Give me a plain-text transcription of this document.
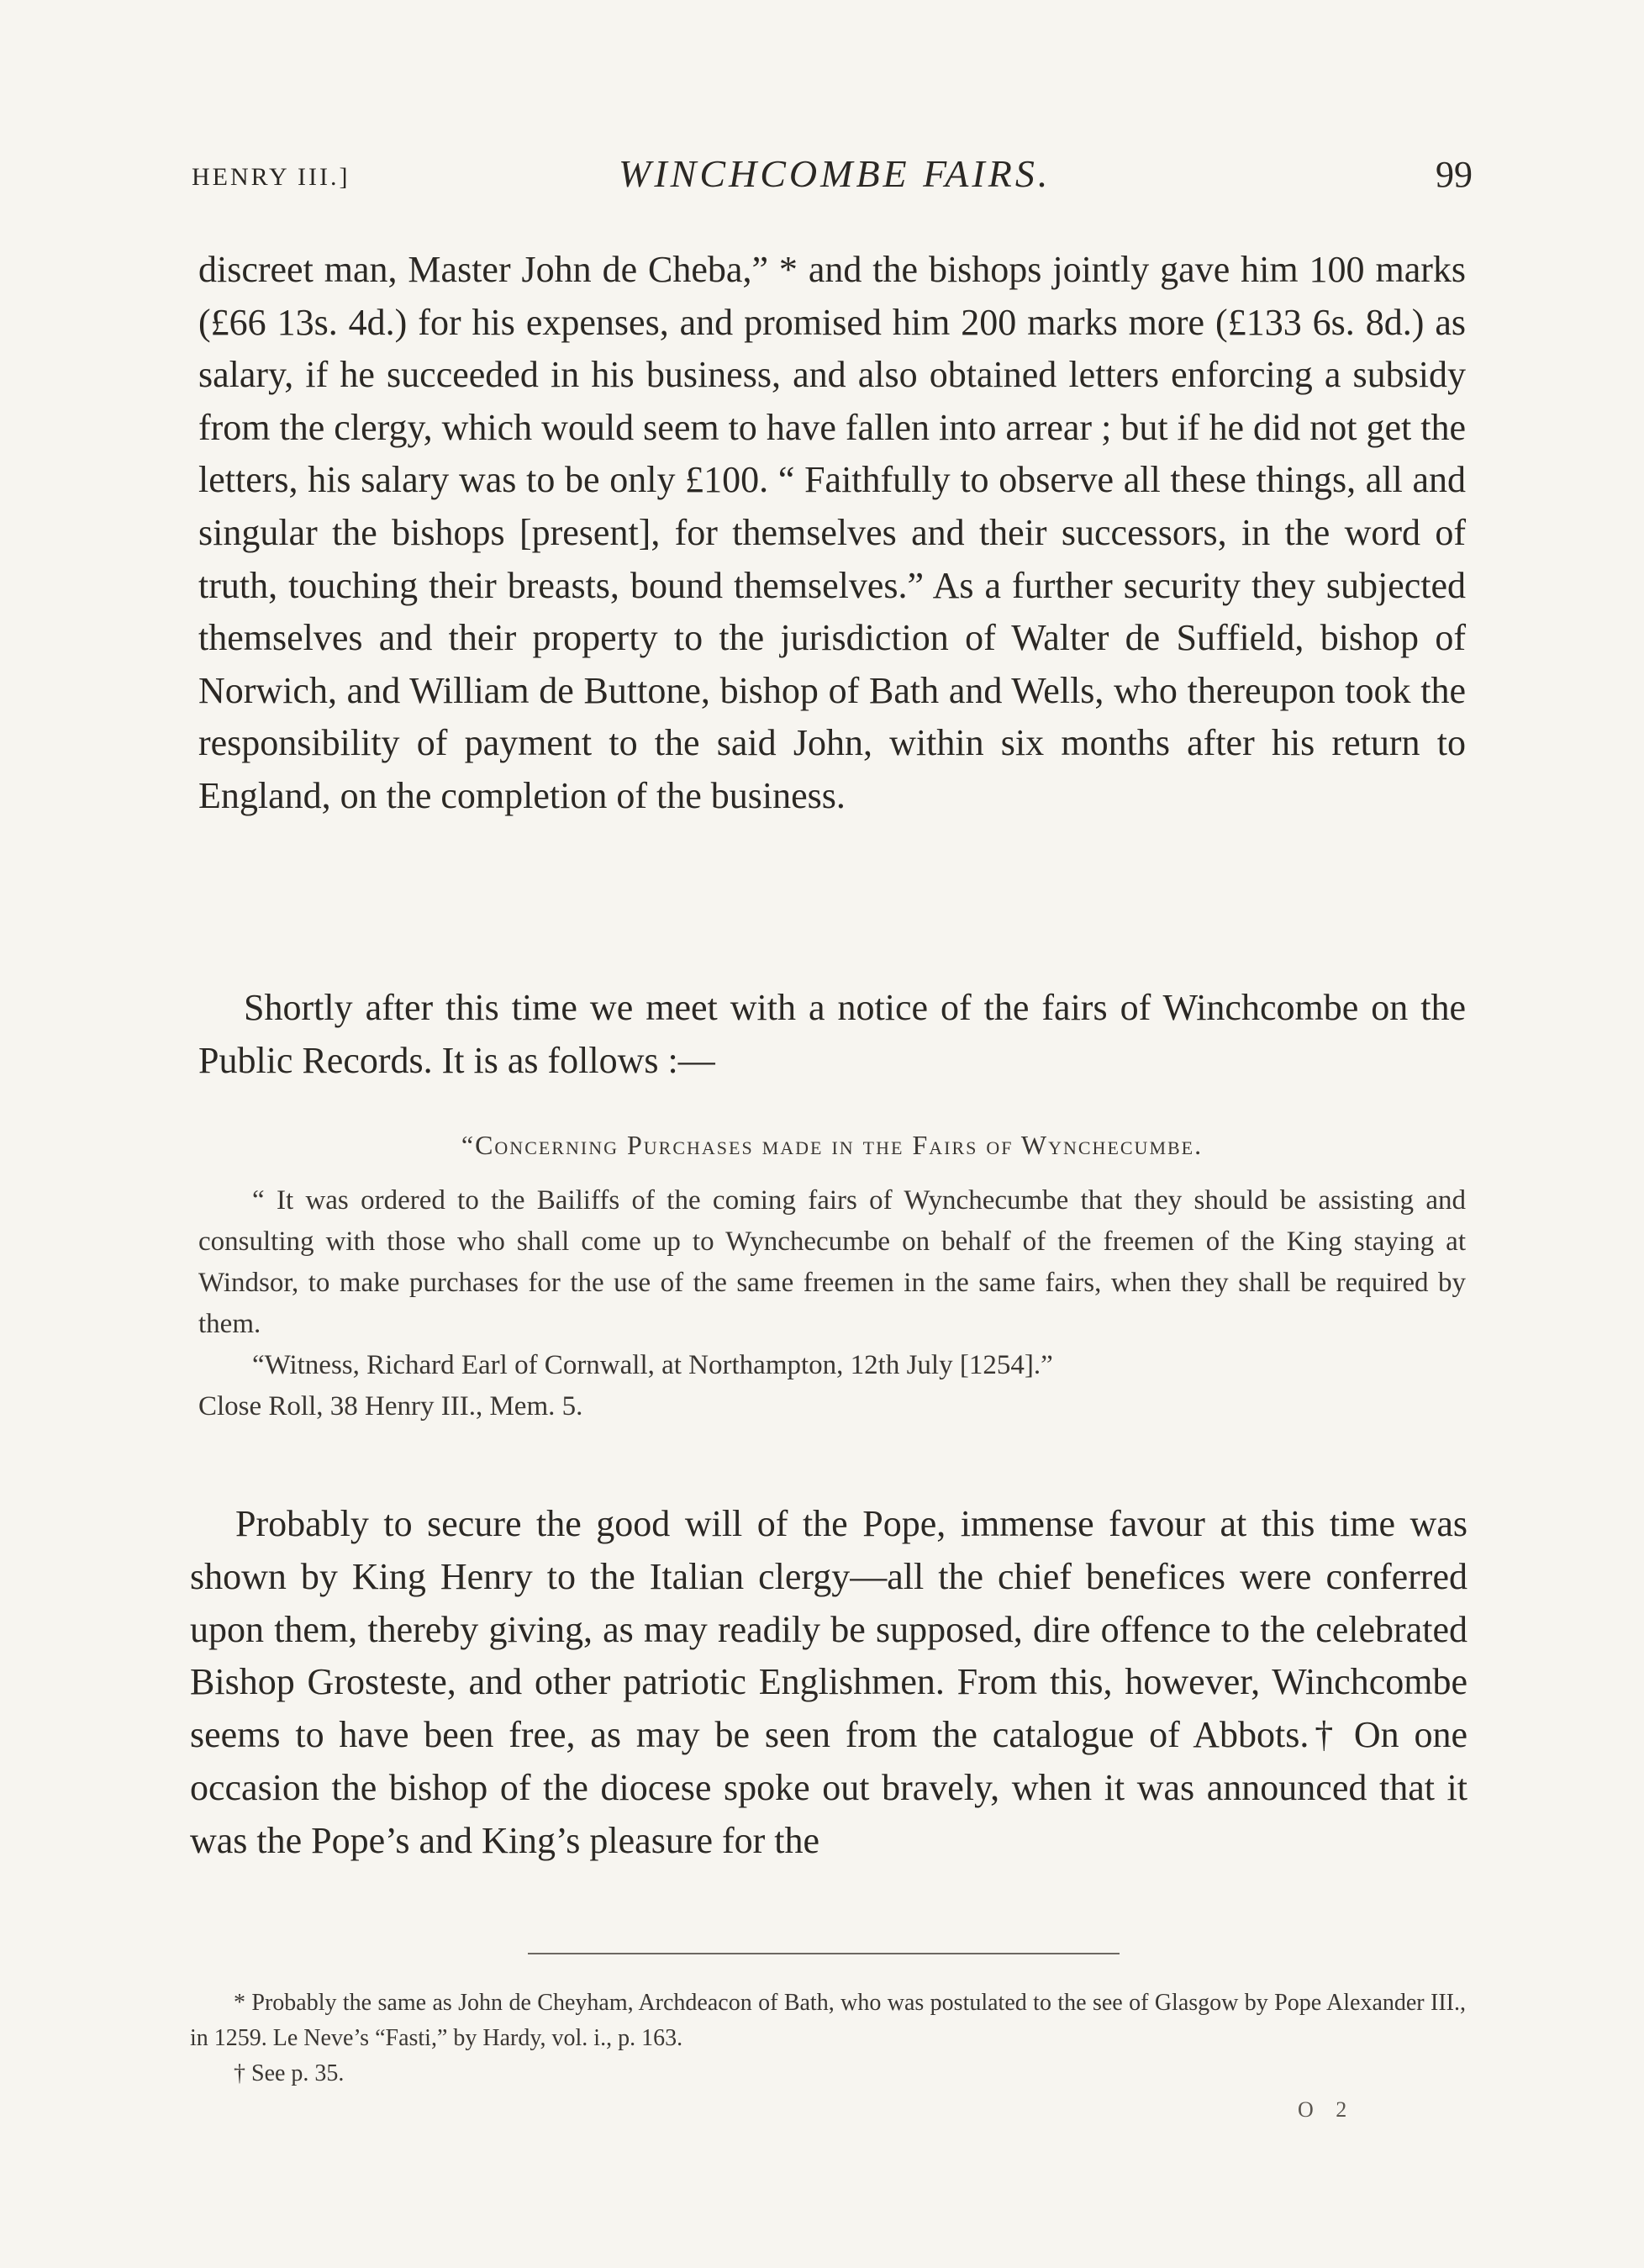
HENRY III.]	WINCHCOMBE FAIRS.	99

discreet man, Master John de Cheba,” * and the bishops jointly gave him 100 marks (£66 13s. 4d.) for his expenses, and promised him 200 marks more (£133 6s. 8d.) as salary, if he succeeded in his business, and also obtained letters enforcing a subsidy from the clergy, which would seem to have fallen into arrear ; but if he did not get the letters, his salary was to be only £100. “ Faithfully to observe all these things, all and singular the bishops [present], for themselves and their successors, in the word of truth, touching their breasts, bound themselves.” As a further security they subjected themselves and their property to the jurisdiction of Walter de Suffield, bishop of Norwich, and William de Buttone, bishop of Bath and Wells, who thereupon took the responsibility of payment to the said John, within six months after his return to England, on the completion of the business.

Shortly after this time we meet with a notice of the fairs of Winchcombe on the Public Records. It is as follows :—

“Concerning Purchases made in the Fairs of Wynchecumbe.

“ It was ordered to the Bailiffs of the coming fairs of Wynchecumbe that they should be assisting and consulting with those who shall come up to Wynchecumbe on behalf of the freemen of the King staying at Windsor, to make purchases for the use of the same freemen in the same fairs, when they shall be required by them.

“Witness, Richard Earl of Cornwall, at Northampton, 12th July [1254].”

Close Roll, 38 Henry III., Mem. 5.

Probably to secure the good will of the Pope, immense favour at this time was shown by King Henry to the Italian clergy—all the chief benefices were conferred upon them, thereby giving, as may readily be supposed, dire offence to the celebrated Bishop Grosteste, and other patriotic Englishmen. From this, however, Winchcombe seems to have been free, as may be seen from the catalogue of Abbots.† On one occasion the bishop of the diocese spoke out bravely, when it was announced that it was the Pope’s and King’s pleasure for the

* Probably the same as John de Cheyham, Archdeacon of Bath, who was postulated to the see of Glasgow by Pope Alexander III., in 1259. Le Neve’s “Fasti,” by Hardy, vol. i., p. 163.

† See p. 35.

O 2
